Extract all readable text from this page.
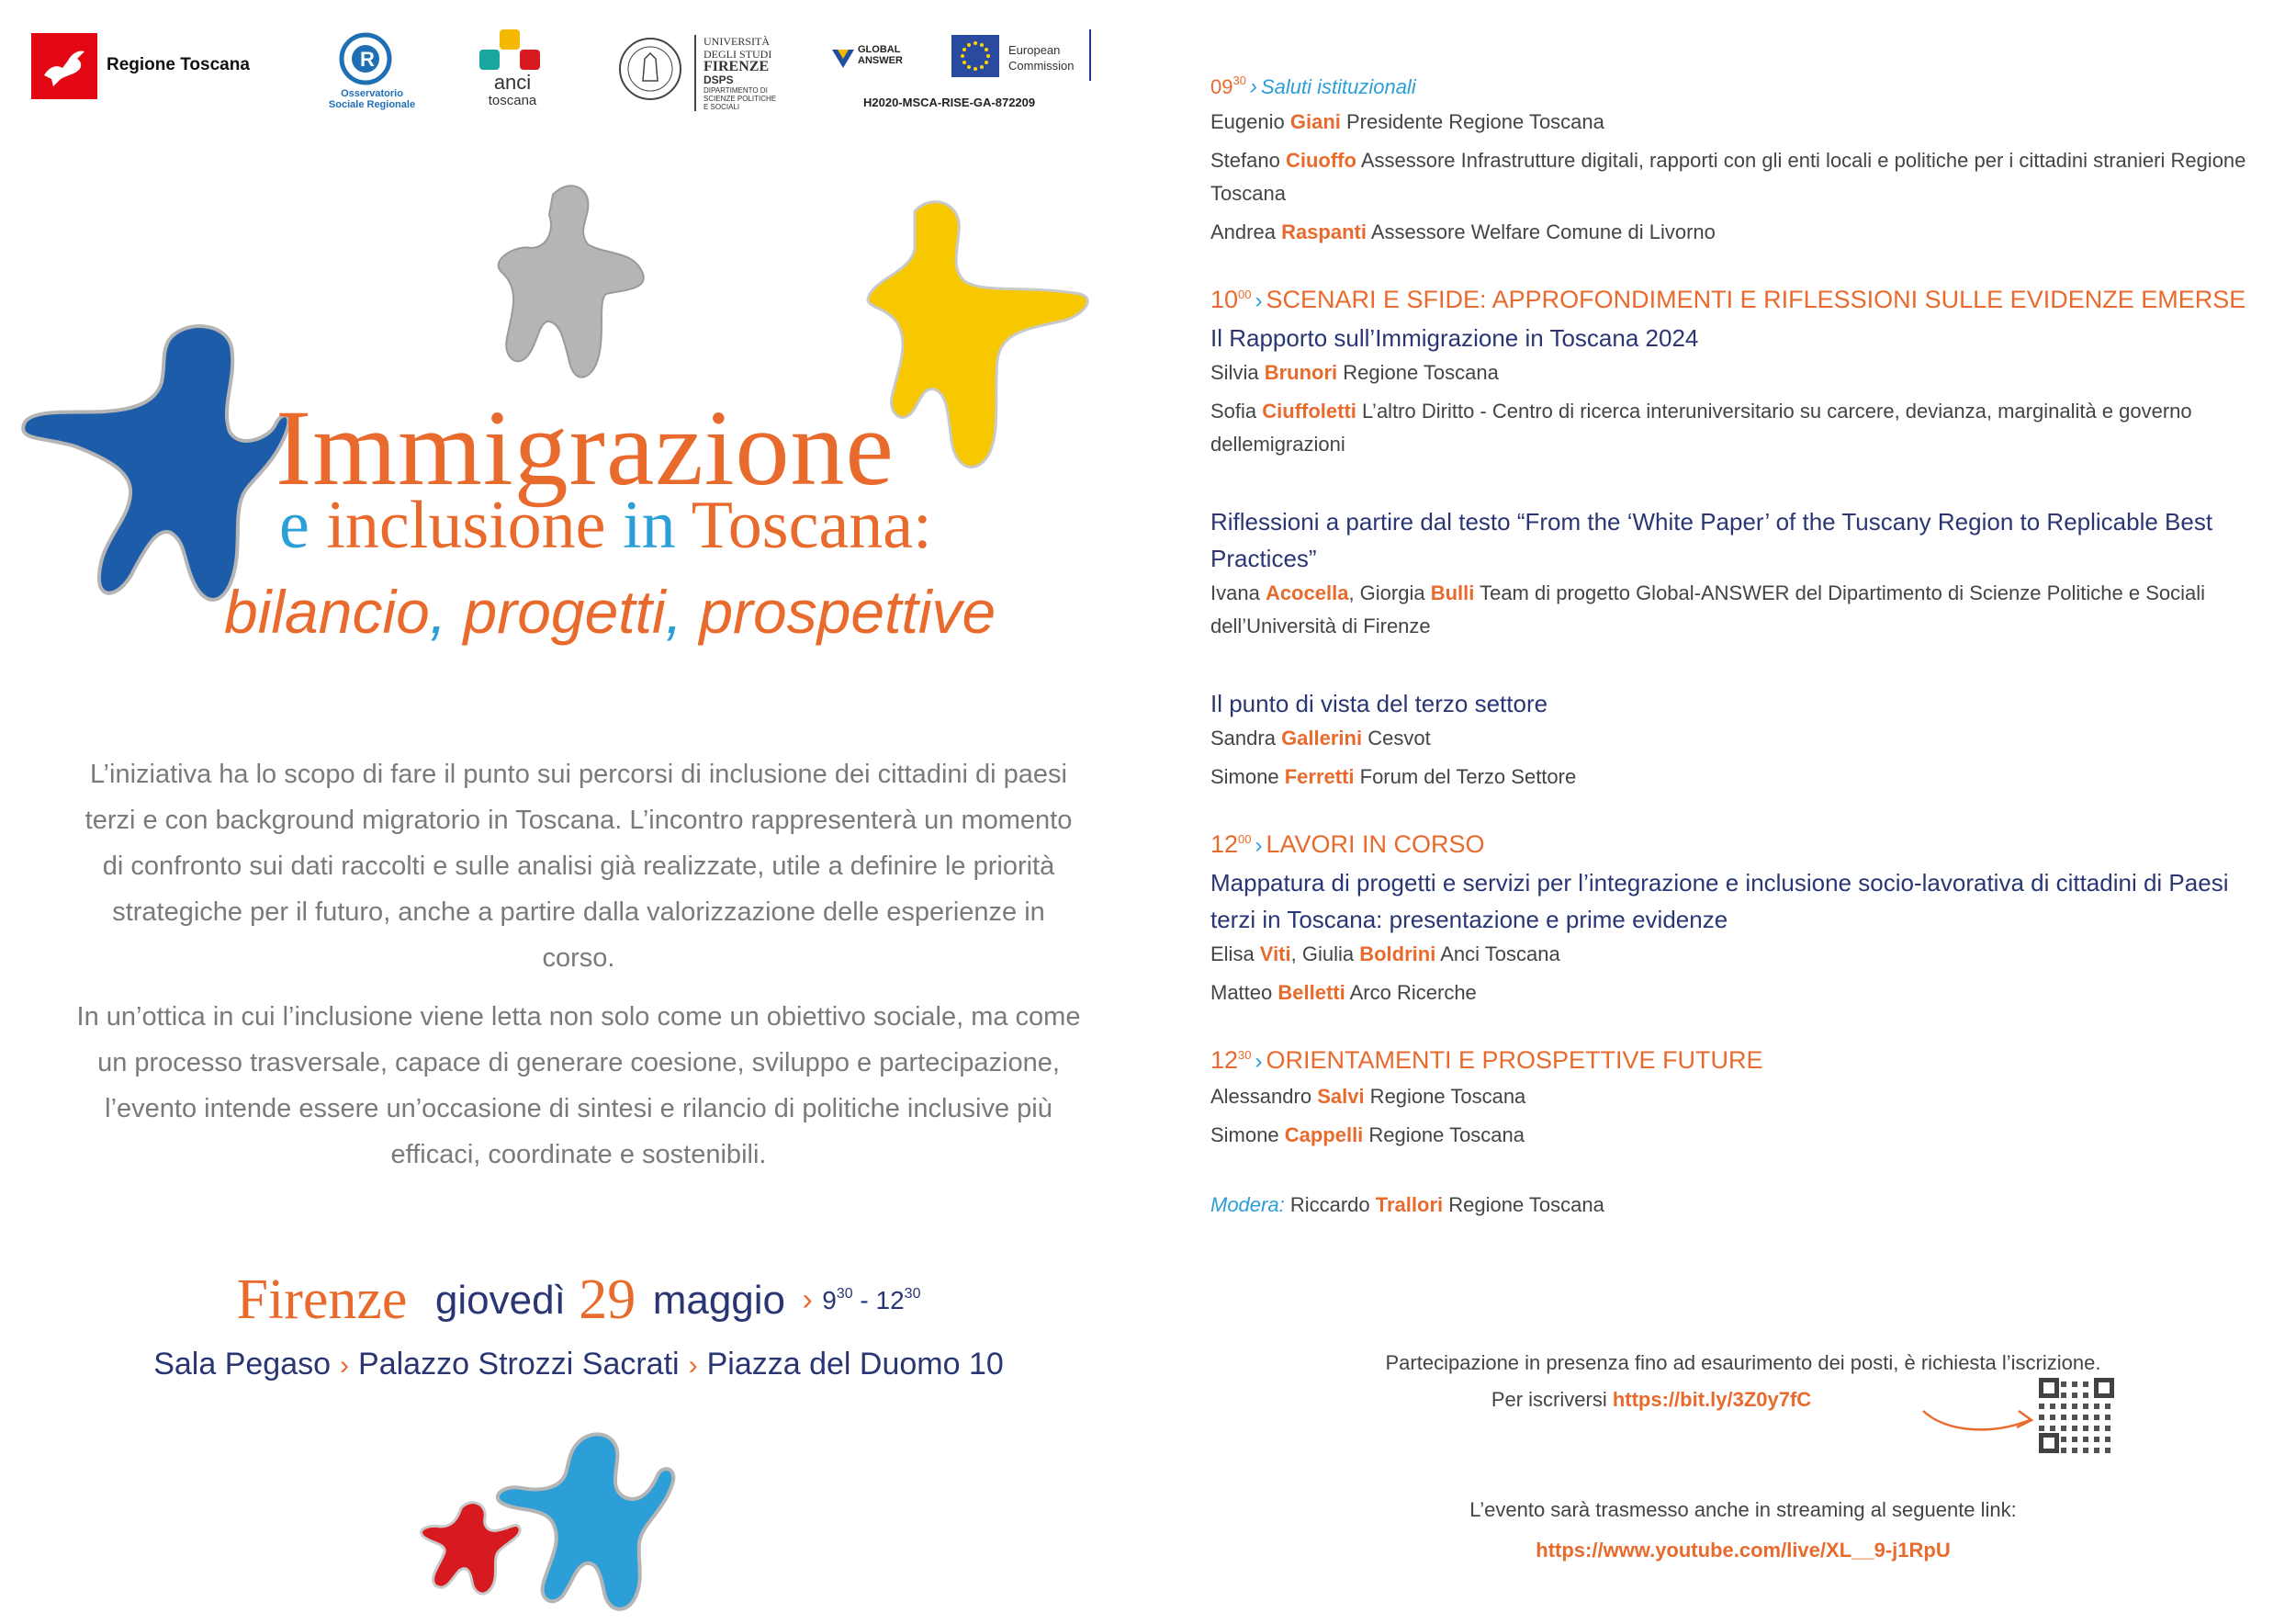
Regione Toscana	R
Osservatorio
Sociale Regionale
anci
toscana
UNIVERSITÀ
DEGLI STUDI
FIRENZE
DSPS
DIPARTIMENTO DI
SCIENZE POLITICHE
E SOCIALI
GLOBAL
ANSWER
European
Commission
H2020-MSCA-RISE-GA-872209
Immigrazione
e inclusione in Toscana:
bilancio, progetti, prospettive

L’iniziativa ha lo scopo di fare il punto sui percorsi di inclusione dei cittadini di paesi terzi e con background migratorio in Toscana. L’incontro rappresenterà un momento di confronto sui dati raccolti e sulle analisi già realizzate, utile a definire le priorità strategiche per il futuro, anche a partire dalla valorizzazione delle esperienze in corso.

In un’ottica in cui l’inclusione viene letta non solo come un obiettivo sociale, ma come un processo trasversale, capace di generare coesione, sviluppo e partecipazione, l’evento intende essere un’occasione di sintesi e rilancio di politiche inclusive più efficaci, coordinate e sostenibili.

Firenze giovedì 29 maggio › $9^{30} - 12^{30}$
Sala Pegaso › Palazzo Strozzi Sacrati › Piazza del Duomo 10
$09^{30}$ › Saluti istituzionali
Eugenio Giani Presidente Regione Toscana
Stefano Ciuoffo Assessore Infrastrutture digitali, rapporti con gli enti locali e politiche per i cittadini stranieri Regione Toscana
Andrea Raspanti Assessore Welfare Comune di Livorno
$10^{00}$ › SCENARI E SFIDE: APPROFONDIMENTI E RIFLESSIONI SULLE EVIDENZE EMERSE
Il Rapporto sull’Immigrazione in Toscana 2024
Silvia Brunori Regione Toscana
Sofia Ciuffoletti L’altro Diritto - Centro di ricerca interuniversitario su carcere, devianza, marginalità e governo dellemigrazioni
Riflessioni a partire dal testo “From the ‘White Paper’ of the Tuscany Region to Replicable Best Practices”
Ivana Acocella, Giorgia Bulli Team di progetto Global-ANSWER del Dipartimento di Scienze Politiche e Sociali dell’Università di Firenze
Il punto di vista del terzo settore
Sandra Gallerini Cesvot
Simone Ferretti Forum del Terzo Settore
$12^{00}$ › LAVORI IN CORSO
Mappatura di progetti e servizi per l’integrazione e inclusione socio-lavorativa di cittadini di Paesi terzi in Toscana: presentazione e prime evidenze
Elisa Viti, Giulia Boldrini Anci Toscana
Matteo Belletti Arco Ricerche
$12^{30}$ › ORIENTAMENTI E PROSPETTIVE FUTURE
Alessandro Salvi Regione Toscana
Simone Cappelli Regione Toscana
Modera: Riccardo Trallori Regione Toscana
Partecipazione in presenza fino ad esaurimento dei posti, è richiesta l’iscrizione.
Per iscriversi https://bit.ly/3Z0y7fC
L’evento sarà trasmesso anche in streaming al seguente link:
https://www.youtube.com/live/XL__9-j1RpU
